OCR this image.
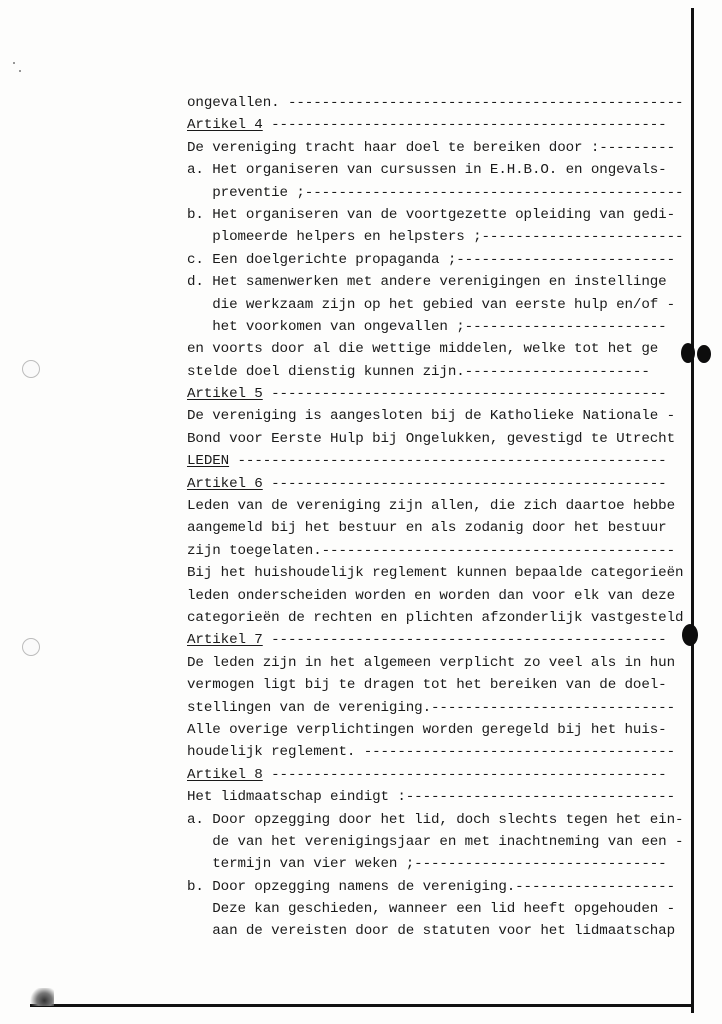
ongevallen. -----------------------------------------------
Artikel 4 -----------------------------------------------
De vereniging tracht haar doel te bereiken door :---------
a. Het organiseren van cursussen in E.H.B.O. en ongevals-
preventie ;---------------------------------------------
b. Het organiseren van de voortgezette opleiding van gedi-
plomeerde helpers en helpsters ;------------------------
c. Een doelgerichte propaganda ;--------------------------
d. Het samenwerken met andere verenigingen en instellinge
die werkzaam zijn op het gebied van eerste hulp en/of -
het voorkomen van ongevallen ;------------------------
en voorts door al die wettige middelen, welke tot het ge
stelde doel dienstig kunnen zijn.----------------------
Artikel 5 -----------------------------------------------
De vereniging is aangesloten bij de Katholieke Nationale -
Bond voor Eerste Hulp bij Ongelukken, gevestigd te Utrecht
LEDEN ---------------------------------------------------
Artikel 6 -----------------------------------------------
Leden van de vereniging zijn allen, die zich daartoe hebbe
aangemeld bij het bestuur en als zodanig door het bestuur
zijn toegelaten.------------------------------------------
Bij het huishoudelijk reglement kunnen bepaalde categorieën
leden onderscheiden worden en worden dan voor elk van deze
categorieën de rechten en plichten afzonderlijk vastgesteld
Artikel 7 -----------------------------------------------
De leden zijn in het algemeen verplicht zo veel als in hun
vermogen ligt bij te dragen tot het bereiken van de doel-
stellingen van de vereniging.-----------------------------
Alle overige verplichtingen worden geregeld bij het huis-
houdelijk reglement. -------------------------------------
Artikel 8 -----------------------------------------------
Het lidmaatschap eindigt :--------------------------------
a. Door opzegging door het lid, doch slechts tegen het ein-
de van het verenigingsjaar en met inachtneming van een -
termijn van vier weken ;------------------------------
b. Door opzegging namens de vereniging.-------------------
Deze kan geschieden, wanneer een lid heeft opgehouden -
aan de vereisten door de statuten voor het lidmaatschap
